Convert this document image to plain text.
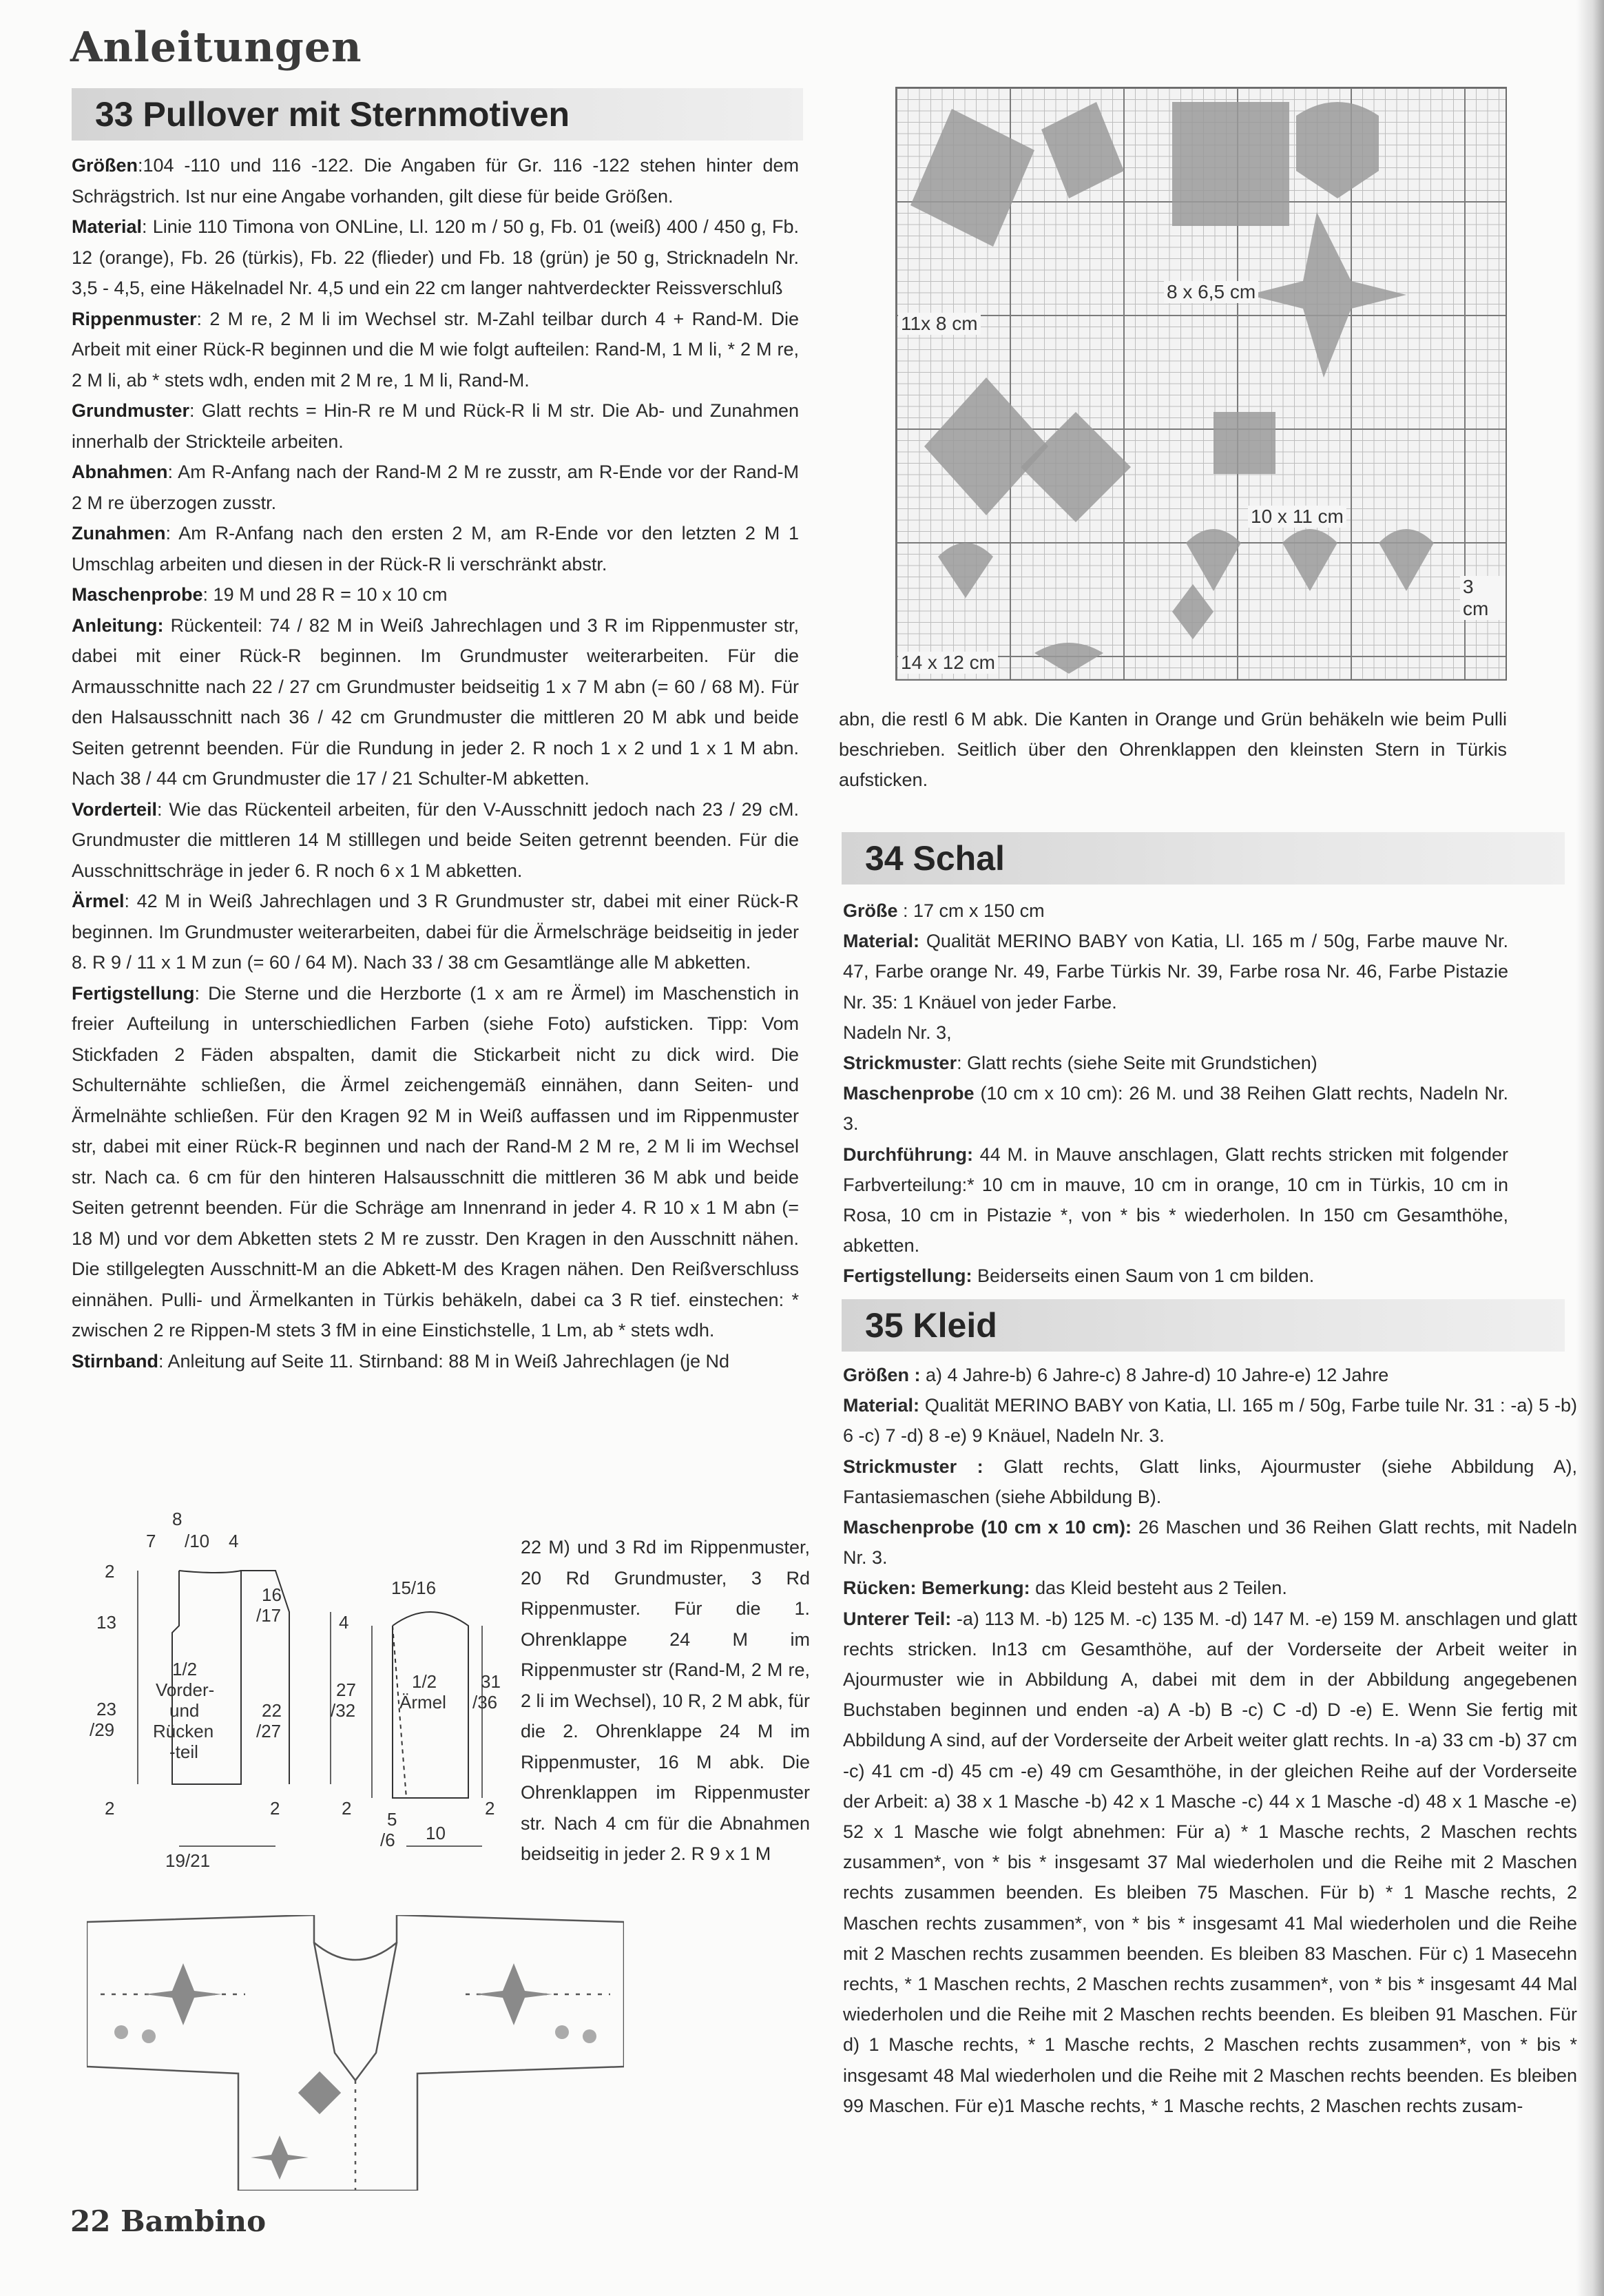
Anleitungen
33 Pullover mit Sternmotiven

Größen:104 -110 und 116 -122. Die Angaben für Gr. 116 -122 stehen hinter dem Schrägstrich. Ist nur eine Angabe vorhanden, gilt diese für beide Größen.

Material: Linie 110 Timona von ONLine, Ll. 120 m / 50 g, Fb. 01 (weiß) 400 / 450 g, Fb. 12 (orange), Fb. 26 (türkis), Fb. 22 (flieder) und Fb. 18 (grün) je 50 g, Stricknadeln Nr. 3,5 - 4,5, eine Häkelnadel Nr. 4,5 und ein 22 cm langer nahtverdeckter Reissverschluß

Rippenmuster: 2 M re, 2 M li im Wechsel str. M-Zahl teilbar durch 4 + Rand-M. Die Arbeit mit einer Rück-R beginnen und die M wie folgt aufteilen: Rand-M, 1 M li, * 2 M re, 2 M li, ab * stets wdh, enden mit 2 M re, 1 M li, Rand-M.

Grundmuster: Glatt rechts = Hin-R re M und Rück-R li M str. Die Ab- und Zunahmen innerhalb der Strickteile arbeiten.

Abnahmen: Am R-Anfang nach der Rand-M 2 M re zusstr, am R-Ende vor der Rand-M 2 M re überzogen zusstr.

Zunahmen: Am R-Anfang nach den ersten 2 M, am R-Ende vor den letzten 2 M 1 Umschlag arbeiten und diesen in der Rück-R li verschränkt abstr.

Maschenprobe: 19 M und 28 R = 10 x 10 cm

Anleitung: Rückenteil: 74 / 82 M in Weiß Jahrechlagen und 3 R im Rippenmuster str, dabei mit einer Rück-R beginnen. Im Grundmuster weiterarbeiten. Für die Armausschnitte nach 22 / 27 cm Grundmuster beidseitig 1 x 7 M abn (= 60 / 68 M). Für den Halsausschnitt nach 36 / 42 cm Grundmuster die mittleren 20 M abk und beide Seiten getrennt beenden. Für die Rundung in jeder 2. R noch 1 x 2 und 1 x 1 M abn. Nach 38 / 44 cm Grundmuster die 17 / 21 Schulter-M abketten.

Vorderteil: Wie das Rückenteil arbeiten, für den V-Ausschnitt jedoch nach 23 / 29 cM. Grundmuster die mittleren 14 M stilllegen und beide Seiten getrennt beenden. Für die Ausschnittschräge in jeder 6. R noch 6 x 1 M abketten.

Ärmel: 42 M in Weiß Jahrechlagen und 3 R Grundmuster str, dabei mit einer Rück-R beginnen. Im Grundmuster weiterarbeiten, dabei für die Ärmelschräge beidseitig in jeder 8. R 9 / 11 x 1 M zun (= 60 / 64 M). Nach 33 / 38 cm Gesamtlänge alle M abketten.

Fertigstellung: Die Sterne und die Herzborte (1 x am re Ärmel) im Maschenstich in freier Aufteilung in unterschiedlichen Farben (siehe Foto) aufsticken. Tipp: Vom Stickfaden 2 Fäden abspalten, damit die Stickarbeit nicht zu dick wird. Die Schulternähte schließen, die Ärmel zeichengemäß einnähen, dann Seiten- und Ärmelnähte schließen. Für den Kragen 92 M in Weiß auffassen und im Rippenmuster str, dabei mit einer Rück-R beginnen und nach der Rand-M 2 M re, 2 M li im Wechsel str. Nach ca. 6 cm für den hinteren Halsausschnitt die mittleren 36 M abk und beide Seiten getrennt beenden. Für die Schräge am Innenrand in jeder 4. R 10 x 1 M abn (= 18 M) und vor dem Abketten stets 2 M re zusstr. Den Kragen in den Ausschnitt nähen. Die stillgelegten Ausschnitt-M an die Abkett-M des Kragen nähen. Den Reißverschluss einnähen. Pulli- und Ärmelkanten in Türkis behäkeln, dabei ca 3 R tief. einstechen: * zwischen 2 re Rippen-M stets 3 fM in eine Einstichstelle, 1 Lm, ab * stets wdh.

Stirnband: Anleitung auf Seite 11. Stirnband: 88 M in Weiß Jahrechlagen (je Nd

22 M) und 3 Rd im Rippenmuster, 20 Rd Grundmuster, 3 Rd Rippenmuster. Für die 1. Ohrenklappe 24 M im Rippenmuster str (Rand-M, 2 M re, 2 li im Wechsel), 10 R, 2 M abk, für die 2. Ohrenklappe 24 M im Rippenmuster, 16 M abk. Die Ohrenklappen im Rippenmuster str. Nach 4 cm für die Abnahmen beidseitig in jeder 2. R 9 x 1 M

11x 8 cm
8 x 6,5 cm
10 x 11 cm
3 cm
14 x 12 cm

abn, die restl 6 M abk. Die Kanten in Orange und Grün behäkeln wie beim Pulli beschrieben. Seitlich über den Ohrenklappen den kleinsten Stern in Türkis aufsticken.

34 Schal

Größe : 17 cm x 150 cm

Material: Qualität MERINO BABY von Katia, Ll. 165 m / 50g, Farbe mauve Nr. 47, Farbe orange Nr. 49, Farbe Türkis Nr. 39, Farbe rosa Nr. 46, Farbe Pistazie Nr. 35: 1 Knäuel von jeder Farbe.

Nadeln Nr. 3,

Strickmuster: Glatt rechts (siehe Seite mit Grundstichen)

Maschenprobe (10 cm x 10 cm): 26 M. und 38 Reihen Glatt rechts, Nadeln Nr. 3.

Durchführung: 44 M. in Mauve anschlagen, Glatt rechts stricken mit folgender Farbverteilung:* 10 cm in mauve, 10 cm in orange, 10 cm in Türkis, 10 cm in Rosa, 10 cm in Pistazie *, von * bis * wiederholen. In 150 cm Gesamthöhe, abketten.

Fertigstellung: Beiderseits einen Saum von 1 cm bilden.

35 Kleid

Größen : a) 4 Jahre-b) 6 Jahre-c) 8 Jahre-d) 10 Jahre-e) 12 Jahre

Material: Qualität MERINO BABY von Katia, Ll. 165 m / 50g, Farbe tuile Nr. 31 : -a) 5 -b) 6 -c) 7 -d) 8 -e) 9 Knäuel, Nadeln Nr. 3.

Strickmuster : Glatt rechts, Glatt links, Ajourmuster (siehe Abbildung A), Fantasiemaschen (siehe Abbildung B).

Maschenprobe (10 cm x 10 cm): 26 Maschen und 36 Reihen Glatt rechts, mit Nadeln Nr. 3.

Rücken: Bemerkung: das Kleid besteht aus 2 Teilen.

Unterer Teil: -a) 113 M. -b) 125 M. -c) 135 M. -d) 147 M. -e) 159 M. anschlagen und glatt rechts stricken. In13 cm Gesamthöhe, auf der Vorderseite der Arbeit weiter in Ajourmuster wie in Abbildung A, dabei mit dem in der Abbildung angegebenen Buchstaben beginnen und enden -a) A -b) B -c) C -d) D -e) E. Wenn Sie fertig mit Abbildung A sind, auf der Vorderseite der Arbeit weiter glatt rechts. In -a) 33 cm -b) 37 cm -c) 41 cm -d) 45 cm -e) 49 cm Gesamthöhe, in der gleichen Reihe auf der Vorderseite der Arbeit: a) 38 x 1 Masche -b) 42 x 1 Masche -c) 44 x 1 Masche -d) 48 x 1 Masche -e) 52 x 1 Masche wie folgt abnehmen: Für a) * 1 Masche rechts, 2 Maschen rechts zusammen*, von * bis * insgesamt 37 Mal wiederholen und die Reihe mit 2 Maschen rechts zusammen beenden. Es bleiben 75 Maschen. Für b) * 1 Masche rechts, 2 Maschen rechts zusammen*, von * bis * insgesamt 41 Mal wiederholen und die Reihe mit 2 Maschen rechts zusammen beenden. Es bleiben 83 Maschen. Für c) 1 Masecehn rechts, * 1 Maschen rechts, 2 Maschen rechts zusammen*, von * bis * insgesamt 44 Mal wiederholen und die Reihe mit 2 Maschen rechts beenden. Es bleiben 91 Maschen. Für d) 1 Masche rechts, * 1 Masche rechts, 2 Maschen rechts zusammen*, von * bis * insgesamt 48 Mal wiederholen und die Reihe mit 2 Maschen rechts beenden. Es bleiben 99 Maschen. Für e)1 Masche rechts, * 1 Masche rechts, 2 Maschen rechts zusam-

8
7 /10 4
2
16
/17
13
1/2
Vorder-
und
Rücken
-teil
23
/29
22
/27
2	2
19/21
15/16
4
1/2
Ärmel
31
/36
27
/32
2	2
5
/6 10
22 Bambino
